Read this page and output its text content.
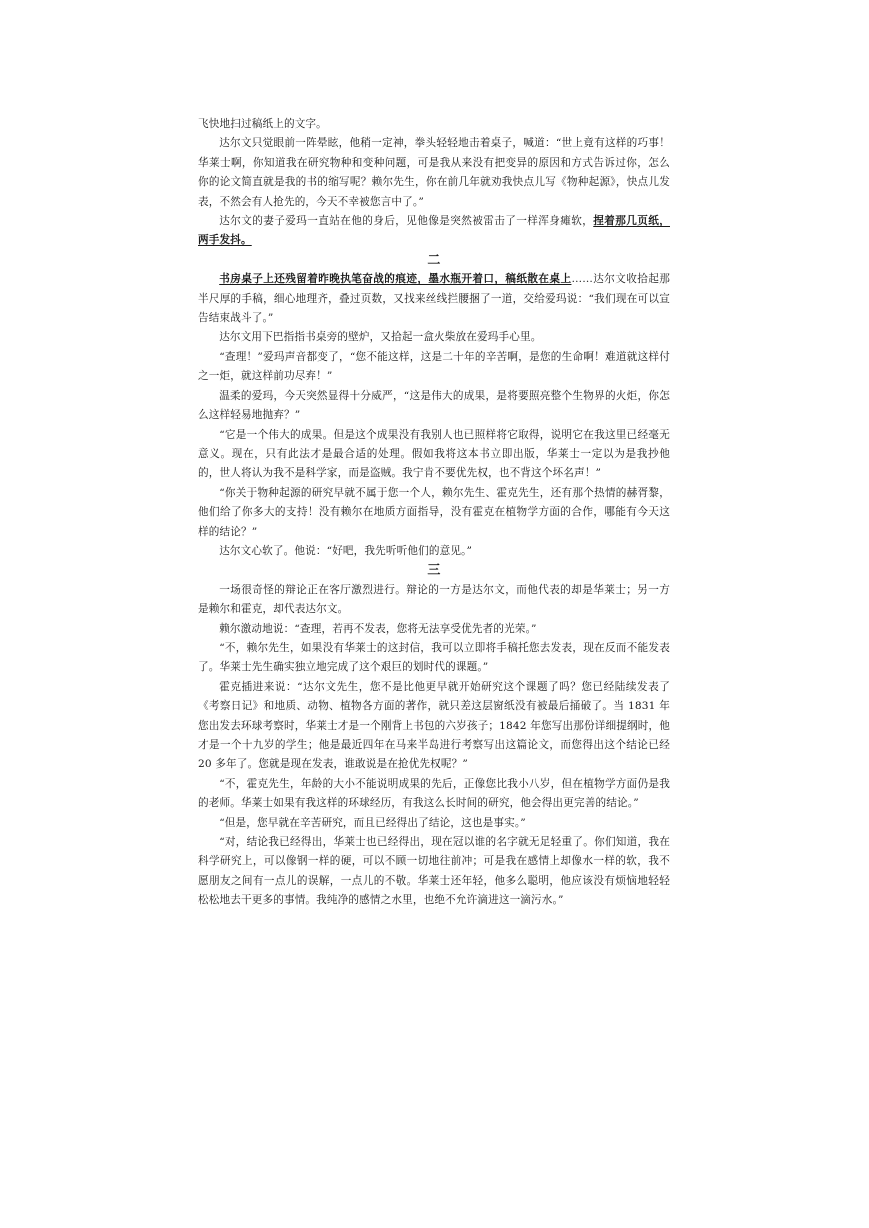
飞快地扫过稿纸上的文字。

达尔文只觉眼前一阵晕眩，他稍一定神，拳头轻轻地击着桌子，喊道：“世上竟有这样的巧事！华莱士啊，你知道我在研究物种和变种问题，可是我从来没有把变异的原因和方式告诉过你，怎么你的论文简直就是我的书的缩写呢？赖尔先生，你在前几年就劝我快点儿写《物种起源》，快点儿发表，不然会有人抢先的，今天不幸被您言中了。”

达尔文的妻子爱玛一直站在他的身后，见他像是突然被雷击了一样浑身瘫软，捏着那几页纸，两手发抖。

二

书房桌子上还残留着昨晚执笔奋战的痕迹，墨水瓶开着口，稿纸散在桌上……达尔文收拾起那半尺厚的手稿，细心地理齐，叠过页数，又找来丝线拦腰捆了一道，交给爱玛说：“我们现在可以宣告结束战斗了。”

达尔文用下巴指指书桌旁的壁炉，又拾起一盒火柴放在爱玛手心里。

“查理！”爱玛声音都变了，“您不能这样，这是二十年的辛苦啊，是您的生命啊！难道就这样付之一炬，就这样前功尽弃！”

温柔的爱玛，今天突然显得十分威严，“这是伟大的成果，是将要照亮整个生物界的火炬，你怎么这样轻易地抛弃？”

“它是一个伟大的成果。但是这个成果没有我别人也已照样将它取得，说明它在我这里已经毫无意义。现在，只有此法才是最合适的处理。假如我将这本书立即出版，华莱士一定以为是我抄他的，世人将认为我不是科学家，而是盗贼。我宁肯不要优先权，也不背这个坏名声！”

“你关于物种起源的研究早就不属于您一个人，赖尔先生、霍克先生，还有那个热情的赫胥黎，他们给了你多大的支持！没有赖尔在地质方面指导，没有霍克在植物学方面的合作，哪能有今天这样的结论？”

达尔文心软了。他说：“好吧，我先听听他们的意见。”

三

一场很奇怪的辩论正在客厅激烈进行。辩论的一方是达尔文，而他代表的却是华莱士；另一方是赖尔和霍克，却代表达尔文。

赖尔激动地说：“查理，若再不发表，您将无法享受优先者的光荣。”

“不，赖尔先生，如果没有华莱士的这封信，我可以立即将手稿托您去发表，现在反而不能发表了。华莱士先生确实独立地完成了这个艰巨的划时代的课题。”

霍克插进来说：“达尔文先生，您不是比他更早就开始研究这个课题了吗？您已经陆续发表了《考察日记》和地质、动物、植物各方面的著作，就只差这层窗纸没有被最后捅破了。当 1831 年您出发去环球考察时，华莱士才是一个刚背上书包的六岁孩子；1842 年您写出那份详细提纲时，他才是一个十九岁的学生；他是最近四年在马来半岛进行考察写出这篇论文，而您得出这个结论已经 20 多年了。您就是现在发表，谁敢说是在抢优先权呢？”

“不，霍克先生，年龄的大小不能说明成果的先后，正像您比我小八岁，但在植物学方面仍是我的老师。华莱士如果有我这样的环球经历，有我这么长时间的研究，他会得出更完善的结论。”

“但是，您早就在辛苦研究，而且已经得出了结论，这也是事实。”

“对，结论我已经得出，华莱士也已经得出，现在冠以谁的名字就无足轻重了。你们知道，我在科学研究上，可以像钢一样的硬，可以不顾一切地往前冲；可是我在感情上却像水一样的软，我不愿朋友之间有一点儿的误解，一点儿的不敬。华莱士还年轻，他多么聪明，他应该没有烦恼地轻轻松松地去干更多的事情。我纯净的感情之水里，也绝不允许滴进这一滴污水。”
